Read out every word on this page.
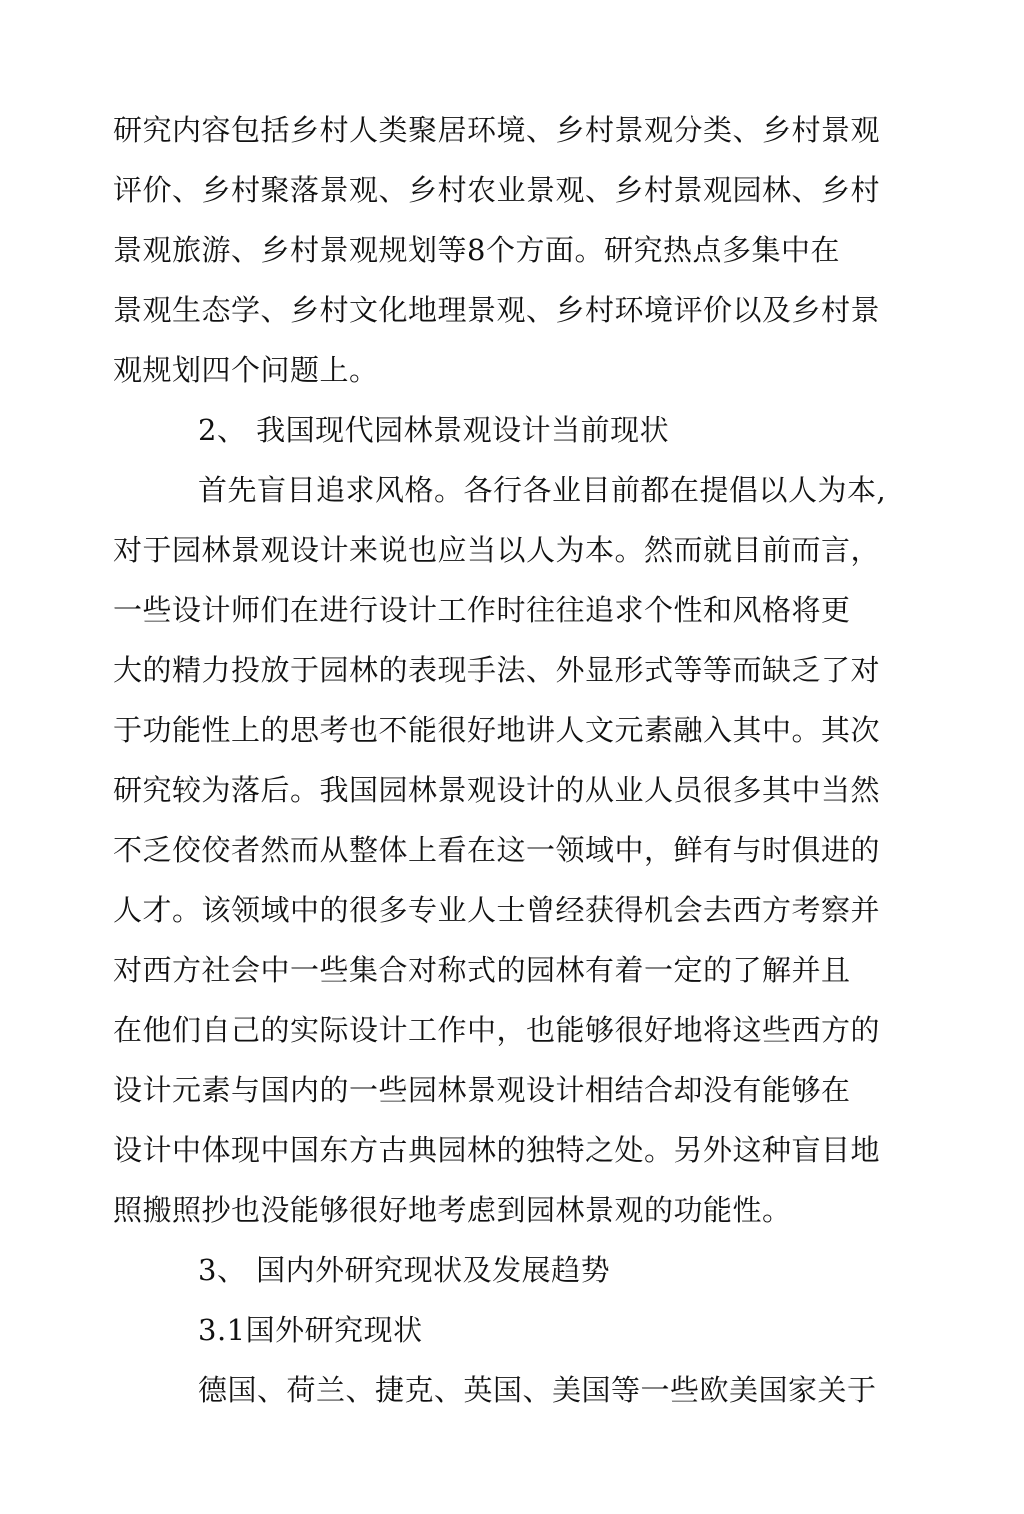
研究内容包括乡村人类聚居环境、乡村景观分类、乡村景观
评价、乡村聚落景观、乡村农业景观、乡村景观园林、乡村
景观旅游、乡村景观规划等8个方面。研究热点多集中在
景观生态学、乡村文化地理景观、乡村环境评价以及乡村景
观规划四个问题上。
2、 我国现代园林景观设计当前现状
首先盲目追求风格。各行各业目前都在提倡以人为本,
对于园林景观设计来说也应当以人为本。然而就目前而言，
一些设计师们在进行设计工作时往往追求个性和风格将更
大的精力投放于园林的表现手法、外显形式等等而缺乏了对
于功能性上的思考也不能很好地讲人文元素融入其中。其次
研究较为落后。我国园林景观设计的从业人员很多其中当然
不乏佼佼者然而从整体上看在这一领域中，鲜有与时俱进的
人才。该领域中的很多专业人士曾经获得机会去西方考察并
对西方社会中一些集合对称式的园林有着一定的了解并且
在他们自己的实际设计工作中，也能够很好地将这些西方的
设计元素与国内的一些园林景观设计相结合却没有能够在
设计中体现中国东方古典园林的独特之处。另外这种盲目地
照搬照抄也没能够很好地考虑到园林景观的功能性。
3、 国内外研究现状及发展趋势
3.1国外研究现状
德国、荷兰、捷克、英国、美国等一些欧美国家关于
